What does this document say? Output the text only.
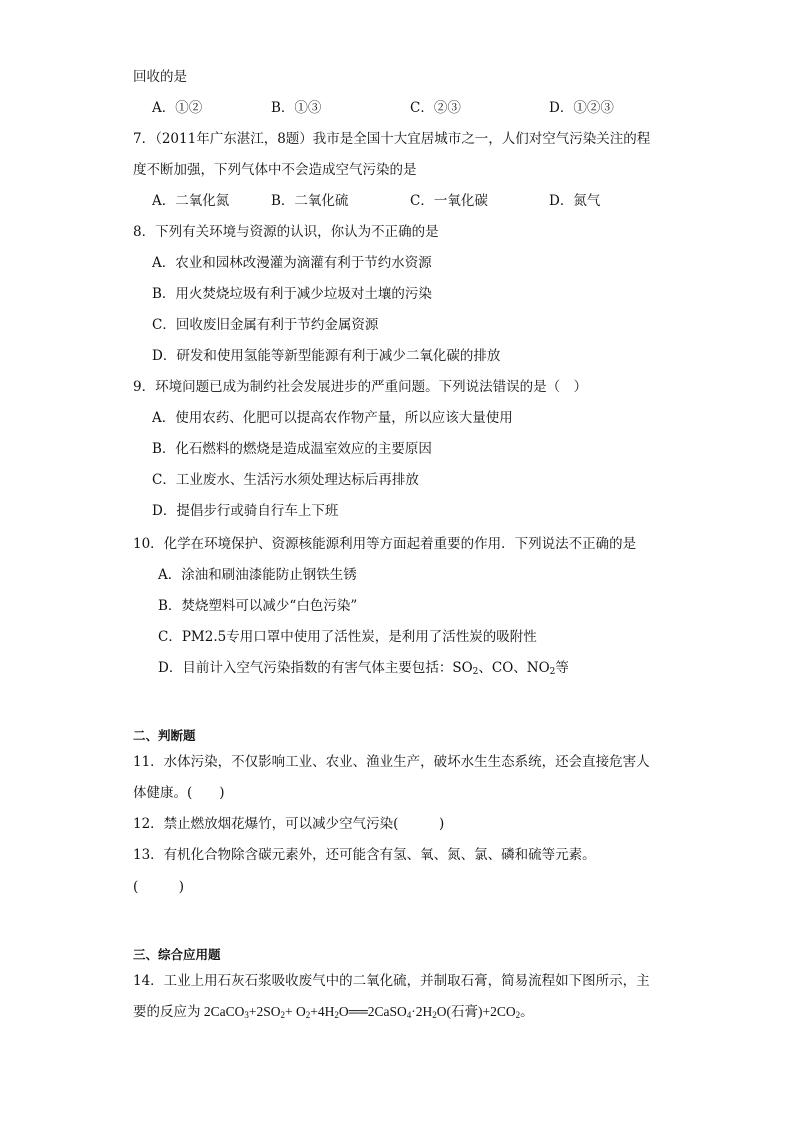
回收的是
A．①②	B．①③	C．②③	D．①②③
7．（2011年广东湛江，8题）我市是全国十大宜居城市之一，人们对空气污染关注的程
度不断加强，下列气体中不会造成空气污染的是
A．二氧化氮	B．二氧化硫	C．一氧化碳	D．氮气
8．下列有关环境与资源的认识，你认为不正确的是
A．农业和园林改漫灌为滴灌有利于节约水资源
B．用火焚烧垃圾有利于减少垃圾对土壤的污染
C．回收废旧金属有利于节约金属资源
D．研发和使用氢能等新型能源有利于减少二氧化碳的排放
9．环境问题已成为制约社会发展进步的严重问题。下列说法错误的是（　）
A．使用农药、化肥可以提高农作物产量，所以应该大量使用
B．化石燃料的燃烧是造成温室效应的主要原因
C．工业废水、生活污水须处理达标后再排放
D．提倡步行或骑自行车上下班
10．化学在环境保护、资源核能源利用等方面起着重要的作用．下列说法不正确的是
A．涂油和刷油漆能防止钢铁生锈
B．焚烧塑料可以减少“白色污染”
C．PM2.5专用口罩中使用了活性炭，是利用了活性炭的吸附性
D．目前计入空气污染指数的有害气体主要包括：$SO_2$、CO、$NO_2$等
二、判断题
11．水体污染，不仅影响工业、农业、渔业生产，破坏水生生态系统，还会直接危害人
体健康。(　　)
12．禁止燃放烟花爆竹，可以减少空气污染(　　　)
13．有机化合物除含碳元素外，还可能含有氢、氧、氮、氯、磷和硫等元素。
(　　　)
三、综合应用题
14．工业上用石灰石浆吸收废气中的二氧化硫，并制取石膏，简易流程如下图所示，主
要的反应为 $2CaCO_3+2SO_2+$ $O_2+4H_2O══2CaSO_4\cdot 2H_2O$(石膏)$+2CO_2$。
